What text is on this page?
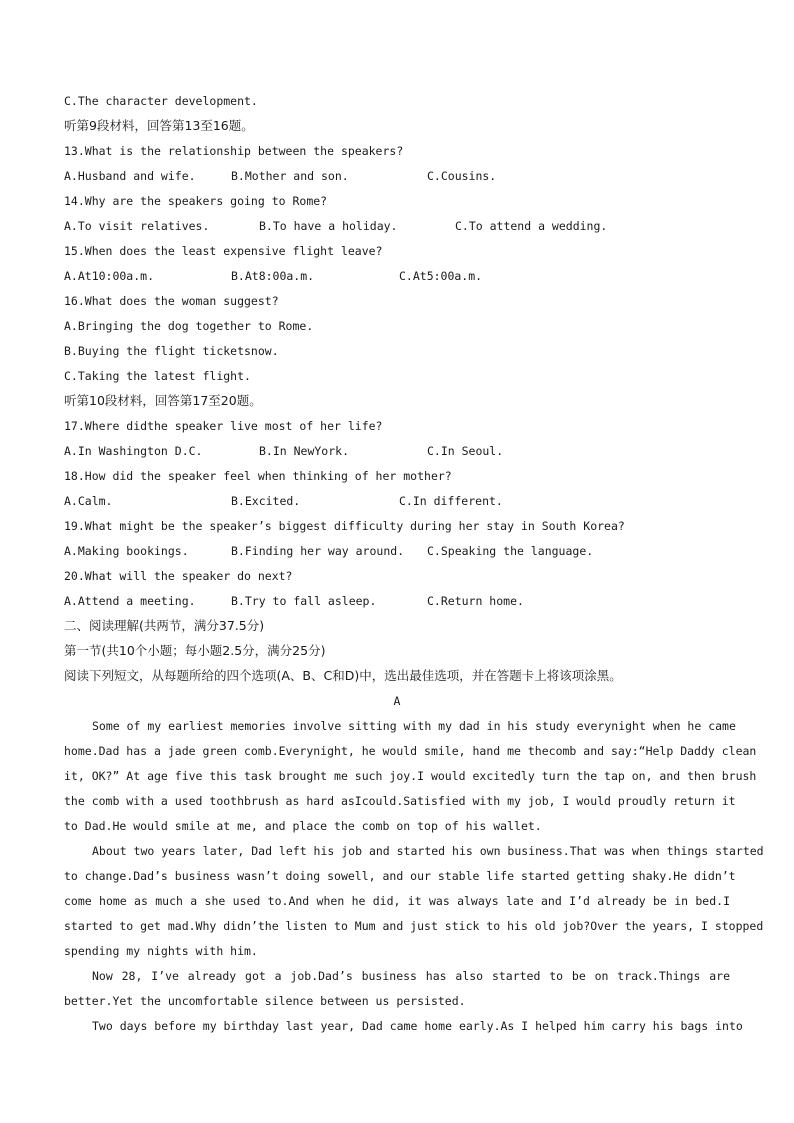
C.The character development.
听第9段材料，回答第13至16题。
13.What is the relationship between the speakers?
A.Husband and wife.	B.Mother and son.	C.Cousins.
14.Why are the speakers going to Rome?
A.To visit relatives.	B.To have a holiday.	C.To attend a wedding.
15.When does the least expensive flight leave?
A.At10:00a.m.	B.At8:00a.m.	C.At5:00a.m.
16.What does the woman suggest?
A.Bringing the dog together to Rome.
B.Buying the flight ticketsnow.
C.Taking the latest flight.
听第10段材料，回答第17至20题。
17.Where didthe speaker live most of her life?
A.In Washington D.C.	B.In NewYork.	C.In Seoul.
18.How did the speaker feel when thinking of her mother?
A.Calm.	B.Excited.	C.In different.
19.What might be the speaker’s biggest difficulty during her stay in South Korea?
A.Making bookings.	B.Finding her way around. C.Speaking the language.
20.What will the speaker do next?
A.Attend a meeting.	B.Try to fall asleep.	C.Return home.
二、阅读理解(共两节，满分37.5分)
第一节(共10个小题；每小题2.5分，满分25分)
阅读下列短文，从每题所给的四个选项(A、B、C和D)中，选出最佳选项，并在答题卡上将该项涂黑。
A
Some of my earliest memories involve sitting with my dad in his study everynight when he came
home.Dad has a jade green comb.Everynight, he would smile, hand me thecomb and say:“Help Daddy clean
it, OK?” At age five this task brought me such joy.I would excitedly turn the tap on, and then brush
the comb with a used toothbrush as hard asIcould.Satisfied with my job, I would proudly return it
to Dad.He would smile at me, and place the comb on top of his wallet.
About two years later, Dad left his job and started his own business.That was when things started
to change.Dad’s business wasn’t doing sowell, and our stable life started getting shaky.He didn’t
come home as much a she used to.And when he did, it was always late and I’d already be in bed.I
started to get mad.Why didn’the listen to Mum and just stick to his old job?Over the years, I stopped
spending my nights with him.
Now 28, I’ve already got a job.Dad’s business has also started to be on track.Things are
better.Yet the uncomfortable silence between us persisted.
Two days before my birthday last year, Dad came home early.As I helped him carry his bags into
